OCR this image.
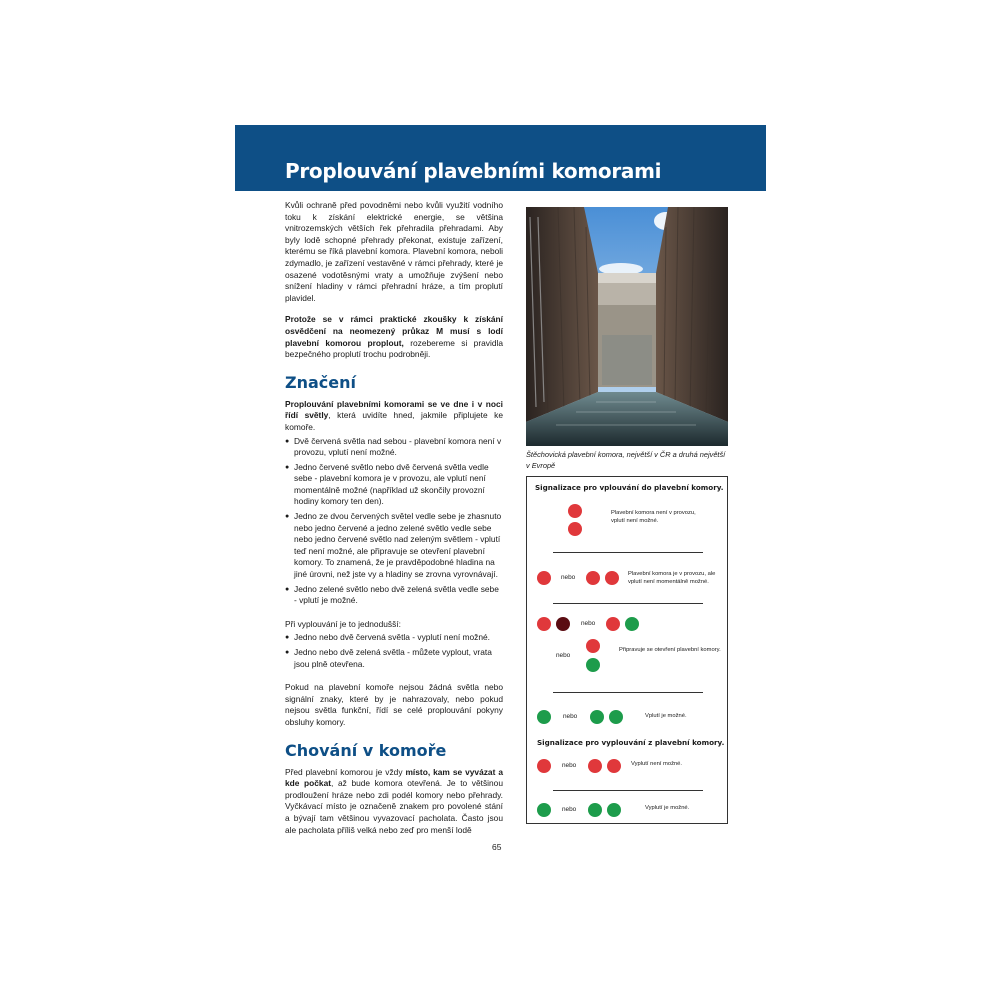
Proplouvání plavebními komorami

Kvůli ochraně před povodněmi nebo kvůli využití vodního toku k získání elektrické energie, se většina vnitrozemských větších řek přehradila přehradami. Aby byly lodě schopné přehrady překonat, existuje zařízení, kterému se říká plavební komora. Plavební komora, neboli zdymadlo, je zařízení vestavěné v rámci přehrady, které je osazené vodotěsnými vraty a umožňuje zvýšení nebo snížení hladiny v rámci přehradní hráze, a tím proplutí plavidel.

Protože se v rámci praktické zkoušky k získání osvědčení na neomezený průkaz M musí s lodí plavební komorou proplout, rozebereme si pravidla bezpečného proplutí trochu podrobněji.

Značení

Proplouvání plavebními komorami se ve dne i v noci řídí světly, která uvidíte hned, jakmile připlujete ke komoře.

● Dvě červená světla nad sebou - plavební komora není v provozu, vplutí není možné.
● Jedno červené světlo nebo dvě červená světla vedle sebe - plavební komora je v provozu, ale vplutí není momentálně možné (například už skončily provozní hodiny komory ten den).
● Jedno ze dvou červených světel vedle sebe je zhasnuto nebo jedno červené a jedno zelené světlo vedle sebe nebo jedno červené světlo nad zeleným světlem - vplutí teď není možné, ale připravuje se otevření plavební komory. To znamená, že je pravděpodobné hladina na jiné úrovni, než jste vy a hladiny se zrovna vyrovnávají.
● Jedno zelené světlo nebo dvě zelená světla vedle sebe - vplutí je možné.

Při vyplouvání je to jednodušší:

● Jedno nebo dvě červená světla - vyplutí není možné.
● Jedno nebo dvě zelená světla - můžete vyplout, vrata jsou plně otevřena.

Pokud na plavební komoře nejsou žádná světla nebo signální znaky, které by je nahrazovaly, nebo pokud nejsou světla funkční, řídí se celé proplouvání pokyny obsluhy komory.

Chování v komoře

Před plavební komorou je vždy místo, kam se vyvázat a kde počkat, až bude komora otevřená. Je to většinou prodloužení hráze nebo zdi podél komory nebo přehrady. Vyčkávací místo je označeně znakem pro povolené stání a bývají tam většinou vyvazovací pacholata. Často jsou ale pacholata příliš velká nebo zeď pro menší lodě

Štěchovická plavební komora, největší v ČR a druhá největší v Evropě
Signalizace pro vplouvání do plavební komory.
Plavební komora není v provozu, vplutí není možné.
nebo	Plavební komora je v provozu, ale vplutí není momentálně možné.
nebo
nebo
Připravuje se otevření plavební komory.
nebo	Vplutí je možné.
Signalizace pro vyplouvání z plavební komory.
nebo	Vyplutí není možné.
nebo	Vyplutí je možné.
65
